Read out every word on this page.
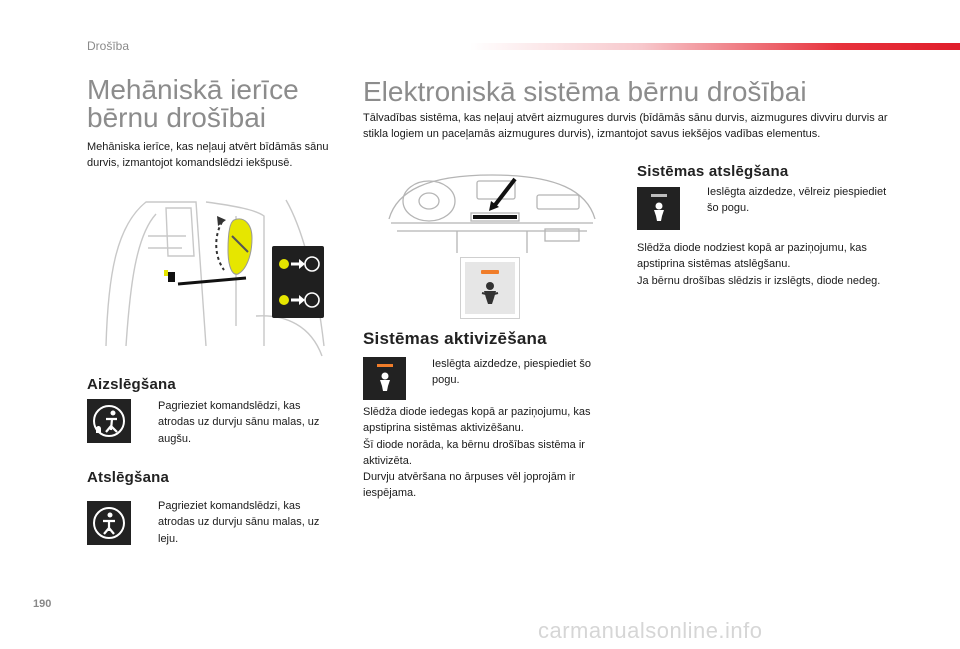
Drošība
Mehāniskā ierīce
bērnu drošībai
Mehāniska ierīce, kas neļauj atvērt bīdāmās sānu durvis, izmantojot komandslēdzi iekšpusē.
Aizslēgšana
Pagrieziet komandslēdzi, kas atrodas uz durvju sānu malas, uz augšu.
Atslēgšana
Pagrieziet komandslēdzi, kas atrodas uz durvju sānu malas, uz leju.
Elektroniskā sistēma bērnu drošībai
Tālvadības sistēma, kas neļauj atvērt aizmugures durvis (bīdāmās sānu durvis, aizmugures divviru durvis ar stikla logiem un paceļamās aizmugures durvis), izmantojot savus iekšējos vadības elementus.
Sistēmas aktivizēšana
Ieslēgta aizdedze, piespiediet šo pogu.
Slēdža diode iedegas kopā ar paziņojumu, kas apstiprina sistēmas aktivizēšanu.
Šī diode norāda, ka bērnu drošības sistēma ir aktivizēta.
Durvju atvēršana no ārpuses vēl joprojām ir iespējama.
Sistēmas atslēgšana
Ieslēgta aizdedze, vēlreiz piespiediet šo pogu.
Slēdža diode nodziest kopā ar paziņojumu, kas apstiprina sistēmas atslēgšanu.
Ja bērnu drošības slēdzis ir izslēgts, diode nedeg.
190
carmanualsonline.info
